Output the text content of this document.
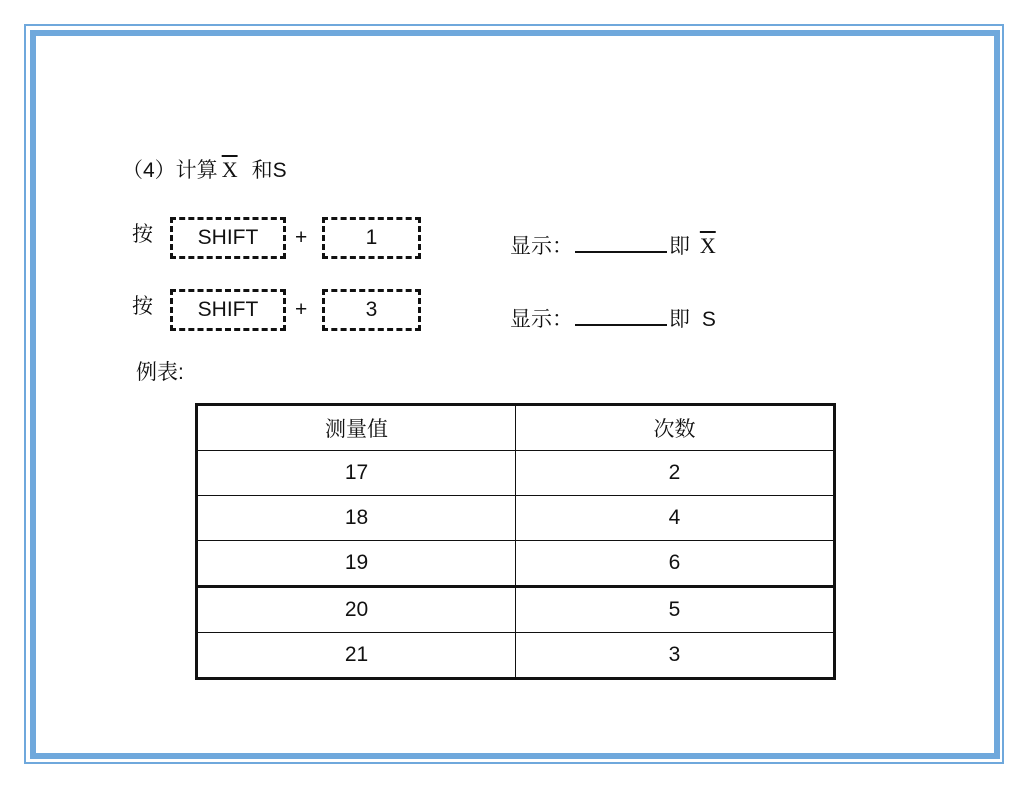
（4）计算 $\overline{X}$ 和S
按	SHIFT	+	1	显示：	即 $\overline{X}$
按	SHIFT	+	3	显示：	即 S
例表:
测量值	次数
17	2
18	4
19	6
20	5
21	3
